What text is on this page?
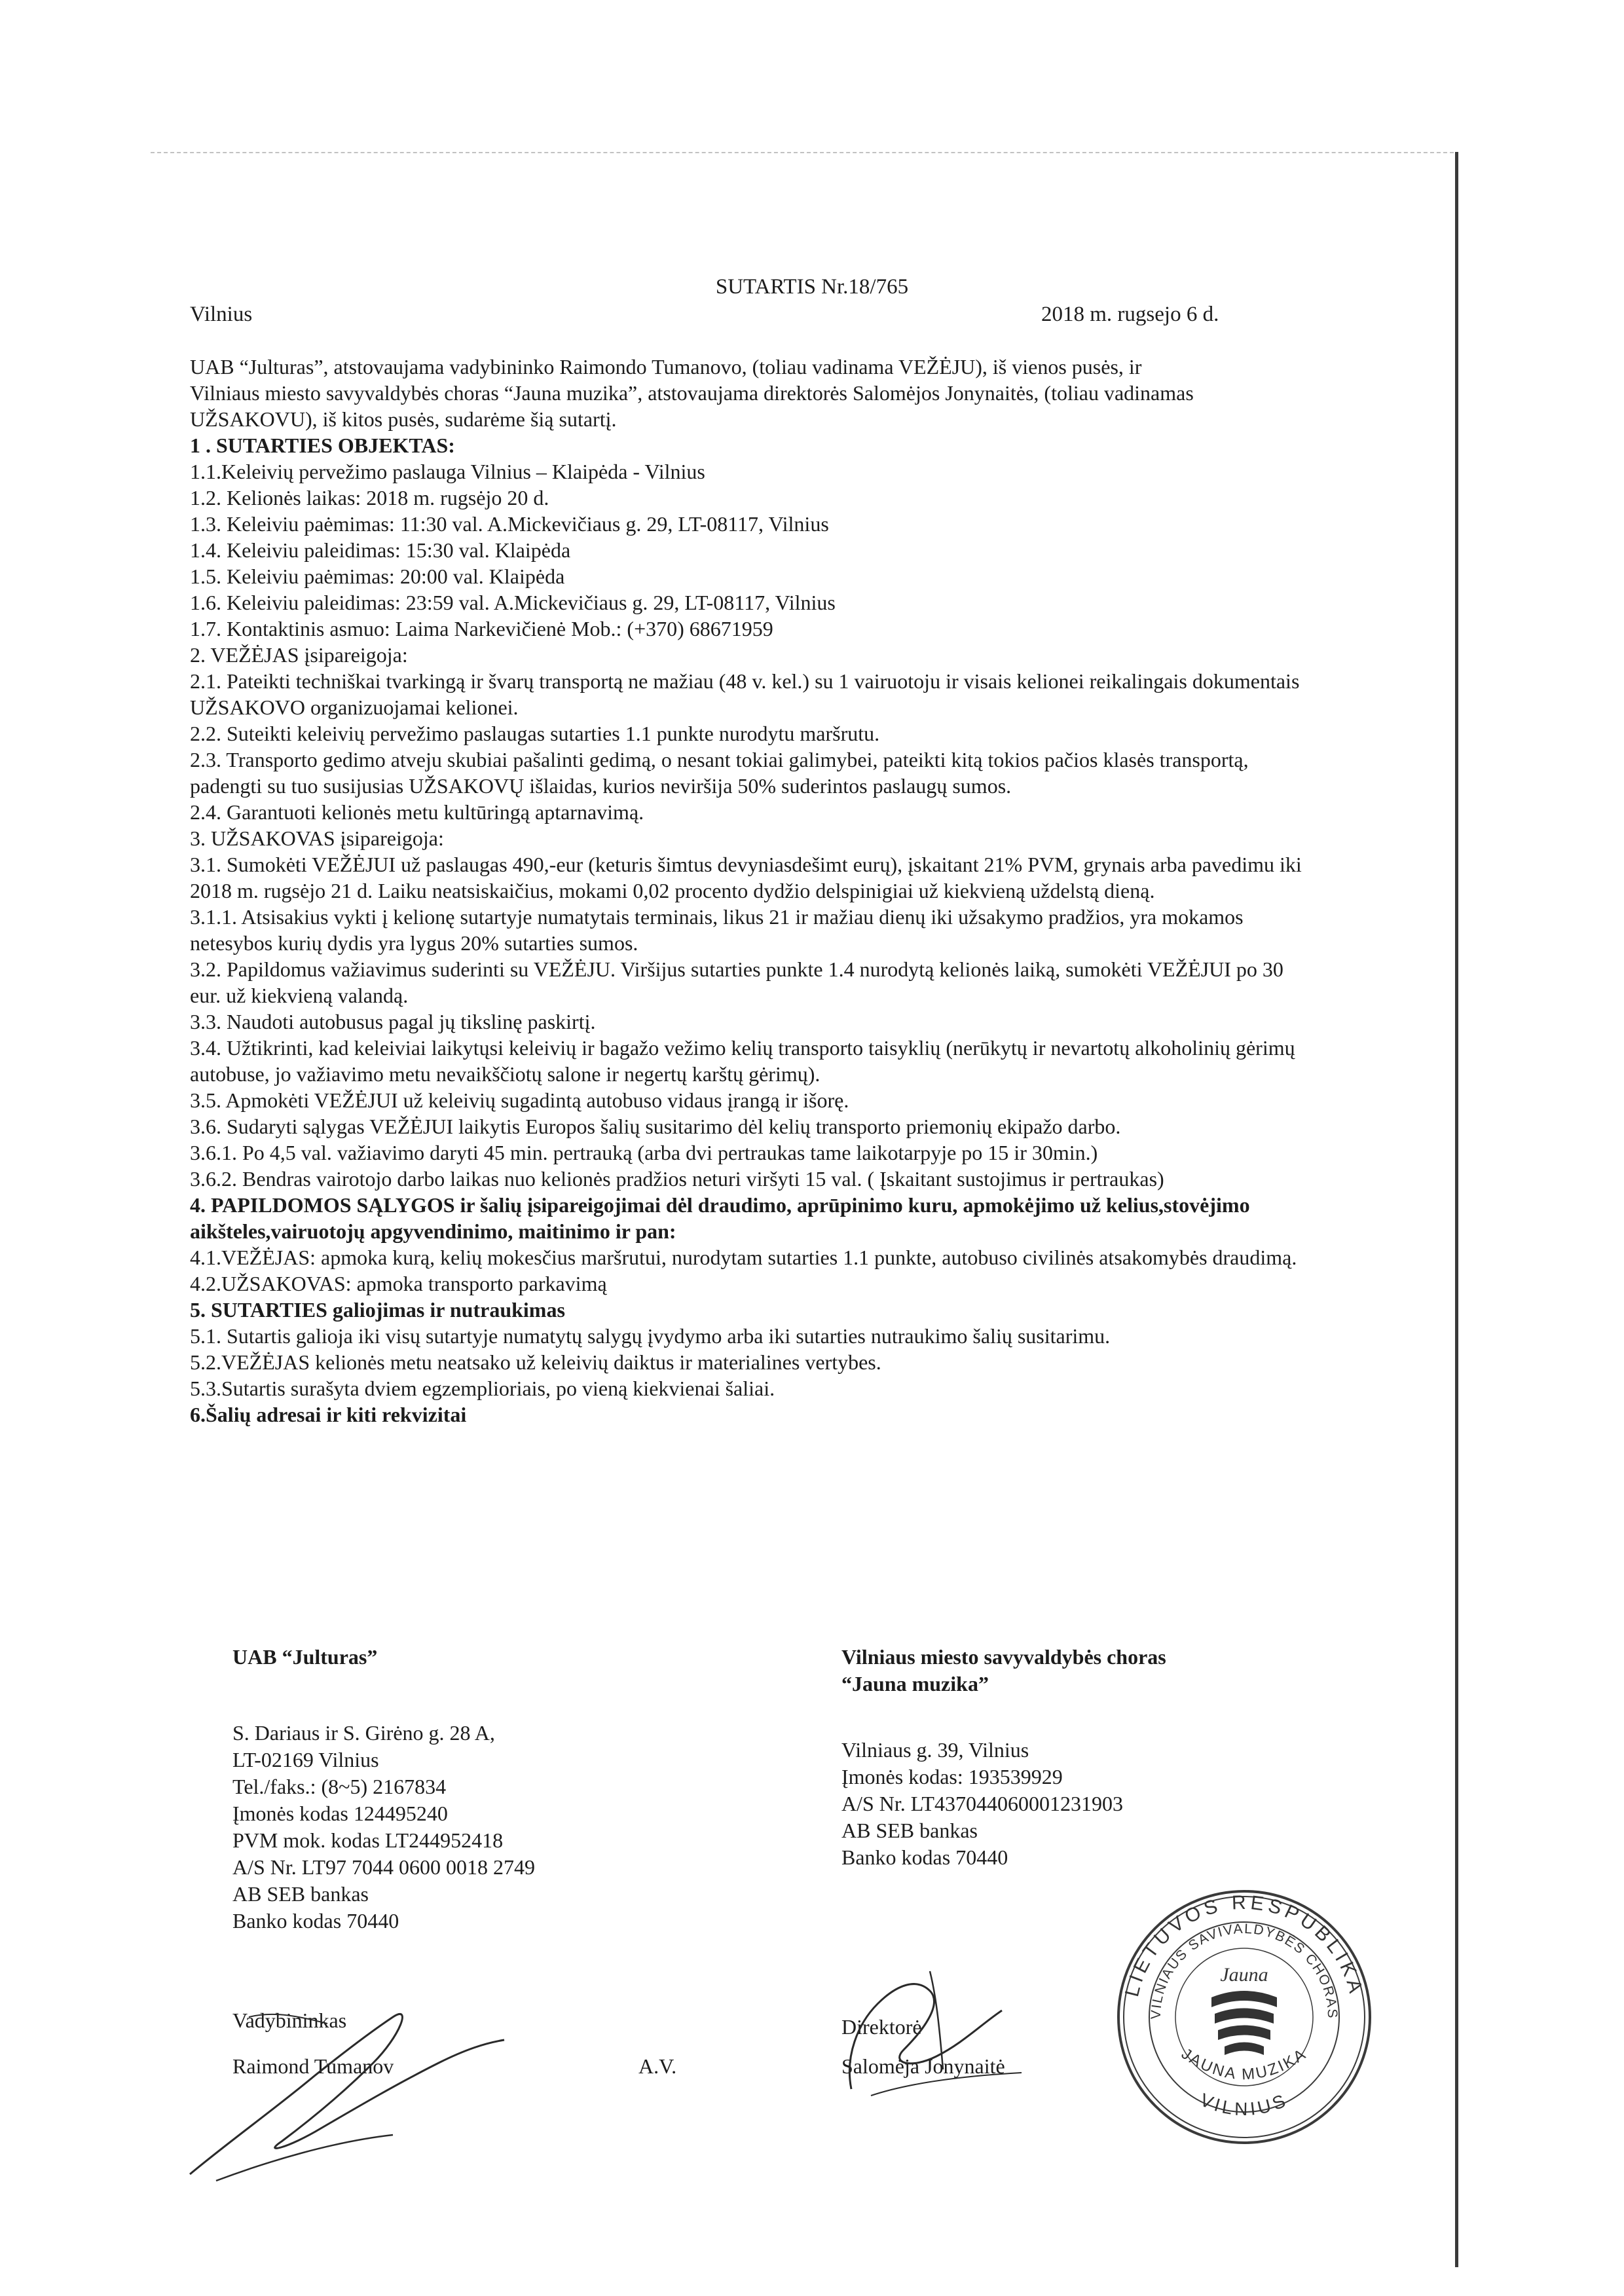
SUTARTIS Nr.18/765
Vilnius	2018 m. rugsejo 6 d.

UAB “Julturas”, atstovaujama vadybininko Raimondo Tumanovo, (toliau vadinama VEŽĖJU), iš vienos pusės, ir

Vilniaus miesto savyvaldybės choras “Jauna muzika”, atstovaujama direktorės Salomėjos Jonynaitės, (toliau vadinamas UŽSAKOVU), iš kitos pusės, sudarėme šią sutartį.

1 . SUTARTIES OBJEKTAS:

1.1.Keleivių pervežimo paslauga Vilnius – Klaipėda - Vilnius

1.2. Kelionės laikas: 2018 m. rugsėjo 20 d.

1.3. Keleiviu paėmimas: 11:30 val. A.Mickevičiaus g. 29, LT-08117, Vilnius

1.4. Keleiviu paleidimas: 15:30 val. Klaipėda

1.5. Keleiviu paėmimas: 20:00 val. Klaipėda

1.6. Keleiviu paleidimas: 23:59 val. A.Mickevičiaus g. 29, LT-08117, Vilnius

1.7. Kontaktinis asmuo: Laima Narkevičienė Mob.: (+370) 68671959

2. VEŽĖJAS įsipareigoja:

2.1. Pateikti techniškai tvarkingą ir švarų transportą ne mažiau (48 v. kel.) su 1 vairuotoju ir visais kelionei reikalingais dokumentais UŽSAKOVO organizuojamai kelionei.

2.2. Suteikti keleivių pervežimo paslaugas sutarties 1.1 punkte nurodytu maršrutu.

2.3. Transporto gedimo atveju skubiai pašalinti gedimą, o nesant tokiai galimybei, pateikti kitą tokios pačios klasės transportą, padengti su tuo susijusias UŽSAKOVŲ išlaidas, kurios neviršija 50% suderintos paslaugų sumos.

2.4. Garantuoti kelionės metu kultūringą aptarnavimą.

3. UŽSAKOVAS įsipareigoja:

3.1. Sumokėti VEŽĖJUI už paslaugas 490,-eur (keturis šimtus devyniasdešimt eurų), įskaitant 21% PVM, grynais arba pavedimu iki 2018 m. rugsėjo 21 d. Laiku neatsiskaičius, mokami 0,02 procento dydžio delspinigiai už kiekvieną uždelstą dieną.

3.1.1. Atsisakius vykti į kelionę sutartyje numatytais terminais, likus 21 ir mažiau dienų iki užsakymo pradžios, yra mokamos netesybos kurių dydis yra lygus 20% sutarties sumos.

3.2. Papildomus važiavimus suderinti su VEŽĖJU. Viršijus sutarties punkte 1.4 nurodytą kelionės laiką, sumokėti VEŽĖJUI po 30 eur. už kiekvieną valandą.

3.3. Naudoti autobusus pagal jų tikslinę paskirtį.

3.4. Užtikrinti, kad keleiviai laikytųsi keleivių ir bagažo vežimo kelių transporto taisyklių (nerūkytų ir nevartotų alkoholinių gėrimų autobuse, jo važiavimo metu nevaikščiotų salone ir negertų karštų gėrimų).

3.5. Apmokėti VEŽĖJUI už keleivių sugadintą autobuso vidaus įrangą ir išorę.

3.6. Sudaryti sąlygas VEŽĖJUI laikytis Europos šalių susitarimo dėl kelių transporto priemonių ekipažo darbo.

3.6.1. Po 4,5 val. važiavimo daryti 45 min. pertrauką (arba dvi pertraukas tame laikotarpyje po 15 ir 30min.)

3.6.2. Bendras vairotojo darbo laikas nuo kelionės pradžios neturi viršyti 15 val. ( Įskaitant sustojimus ir pertraukas)

4. PAPILDOMOS SĄLYGOS ir šalių įsipareigojimai dėl draudimo, aprūpinimo kuru, apmokėjimo už kelius,stovėjimo aikšteles,vairuotojų apgyvendinimo, maitinimo ir pan:

4.1.VEŽĖJAS: apmoka kurą, kelių mokesčius maršrutui, nurodytam sutarties 1.1 punkte, autobuso civilinės atsakomybės draudimą.

4.2.UŽSAKOVAS: apmoka transporto parkavimą

5. SUTARTIES galiojimas ir nutraukimas

5.1. Sutartis galioja iki visų sutartyje numatytų salygų įvydymo arba iki sutarties nutraukimo šalių susitarimu.

5.2.VEŽĖJAS kelionės metu neatsako už keleivių daiktus ir materialines vertybes.

5.3.Sutartis surašyta dviem egzemplioriais, po vieną kiekvienai šaliai.

6.Šalių adresai ir kiti rekvizitai

UAB “Julturas”
S. Dariaus ir S. Girėno g. 28 A,
LT-02169 Vilnius
Tel./faks.: (8~5) 2167834
Įmonės kodas 124495240
PVM mok. kodas LT244952418
A/S Nr. LT97 7044 0600 0018 2749
AB SEB bankas
Banko kodas 70440
Vadybininkas
Raimond Tumanov	A.V.
Vilniaus miesto savyvaldybės choras
“Jauna muzika”
Vilniaus g. 39, Vilnius
Įmonės kodas: 193539929
A/S Nr. LT437044060001231903
AB SEB bankas
Banko kodas 70440
Direktorė
Salomėja Jonynaitė
LIETUVOS RESPUBLIKA
VILNIAUS SAVIVALDYBĖS CHORAS
VILNIUS
JAUNA MUZIKA
Jauna
